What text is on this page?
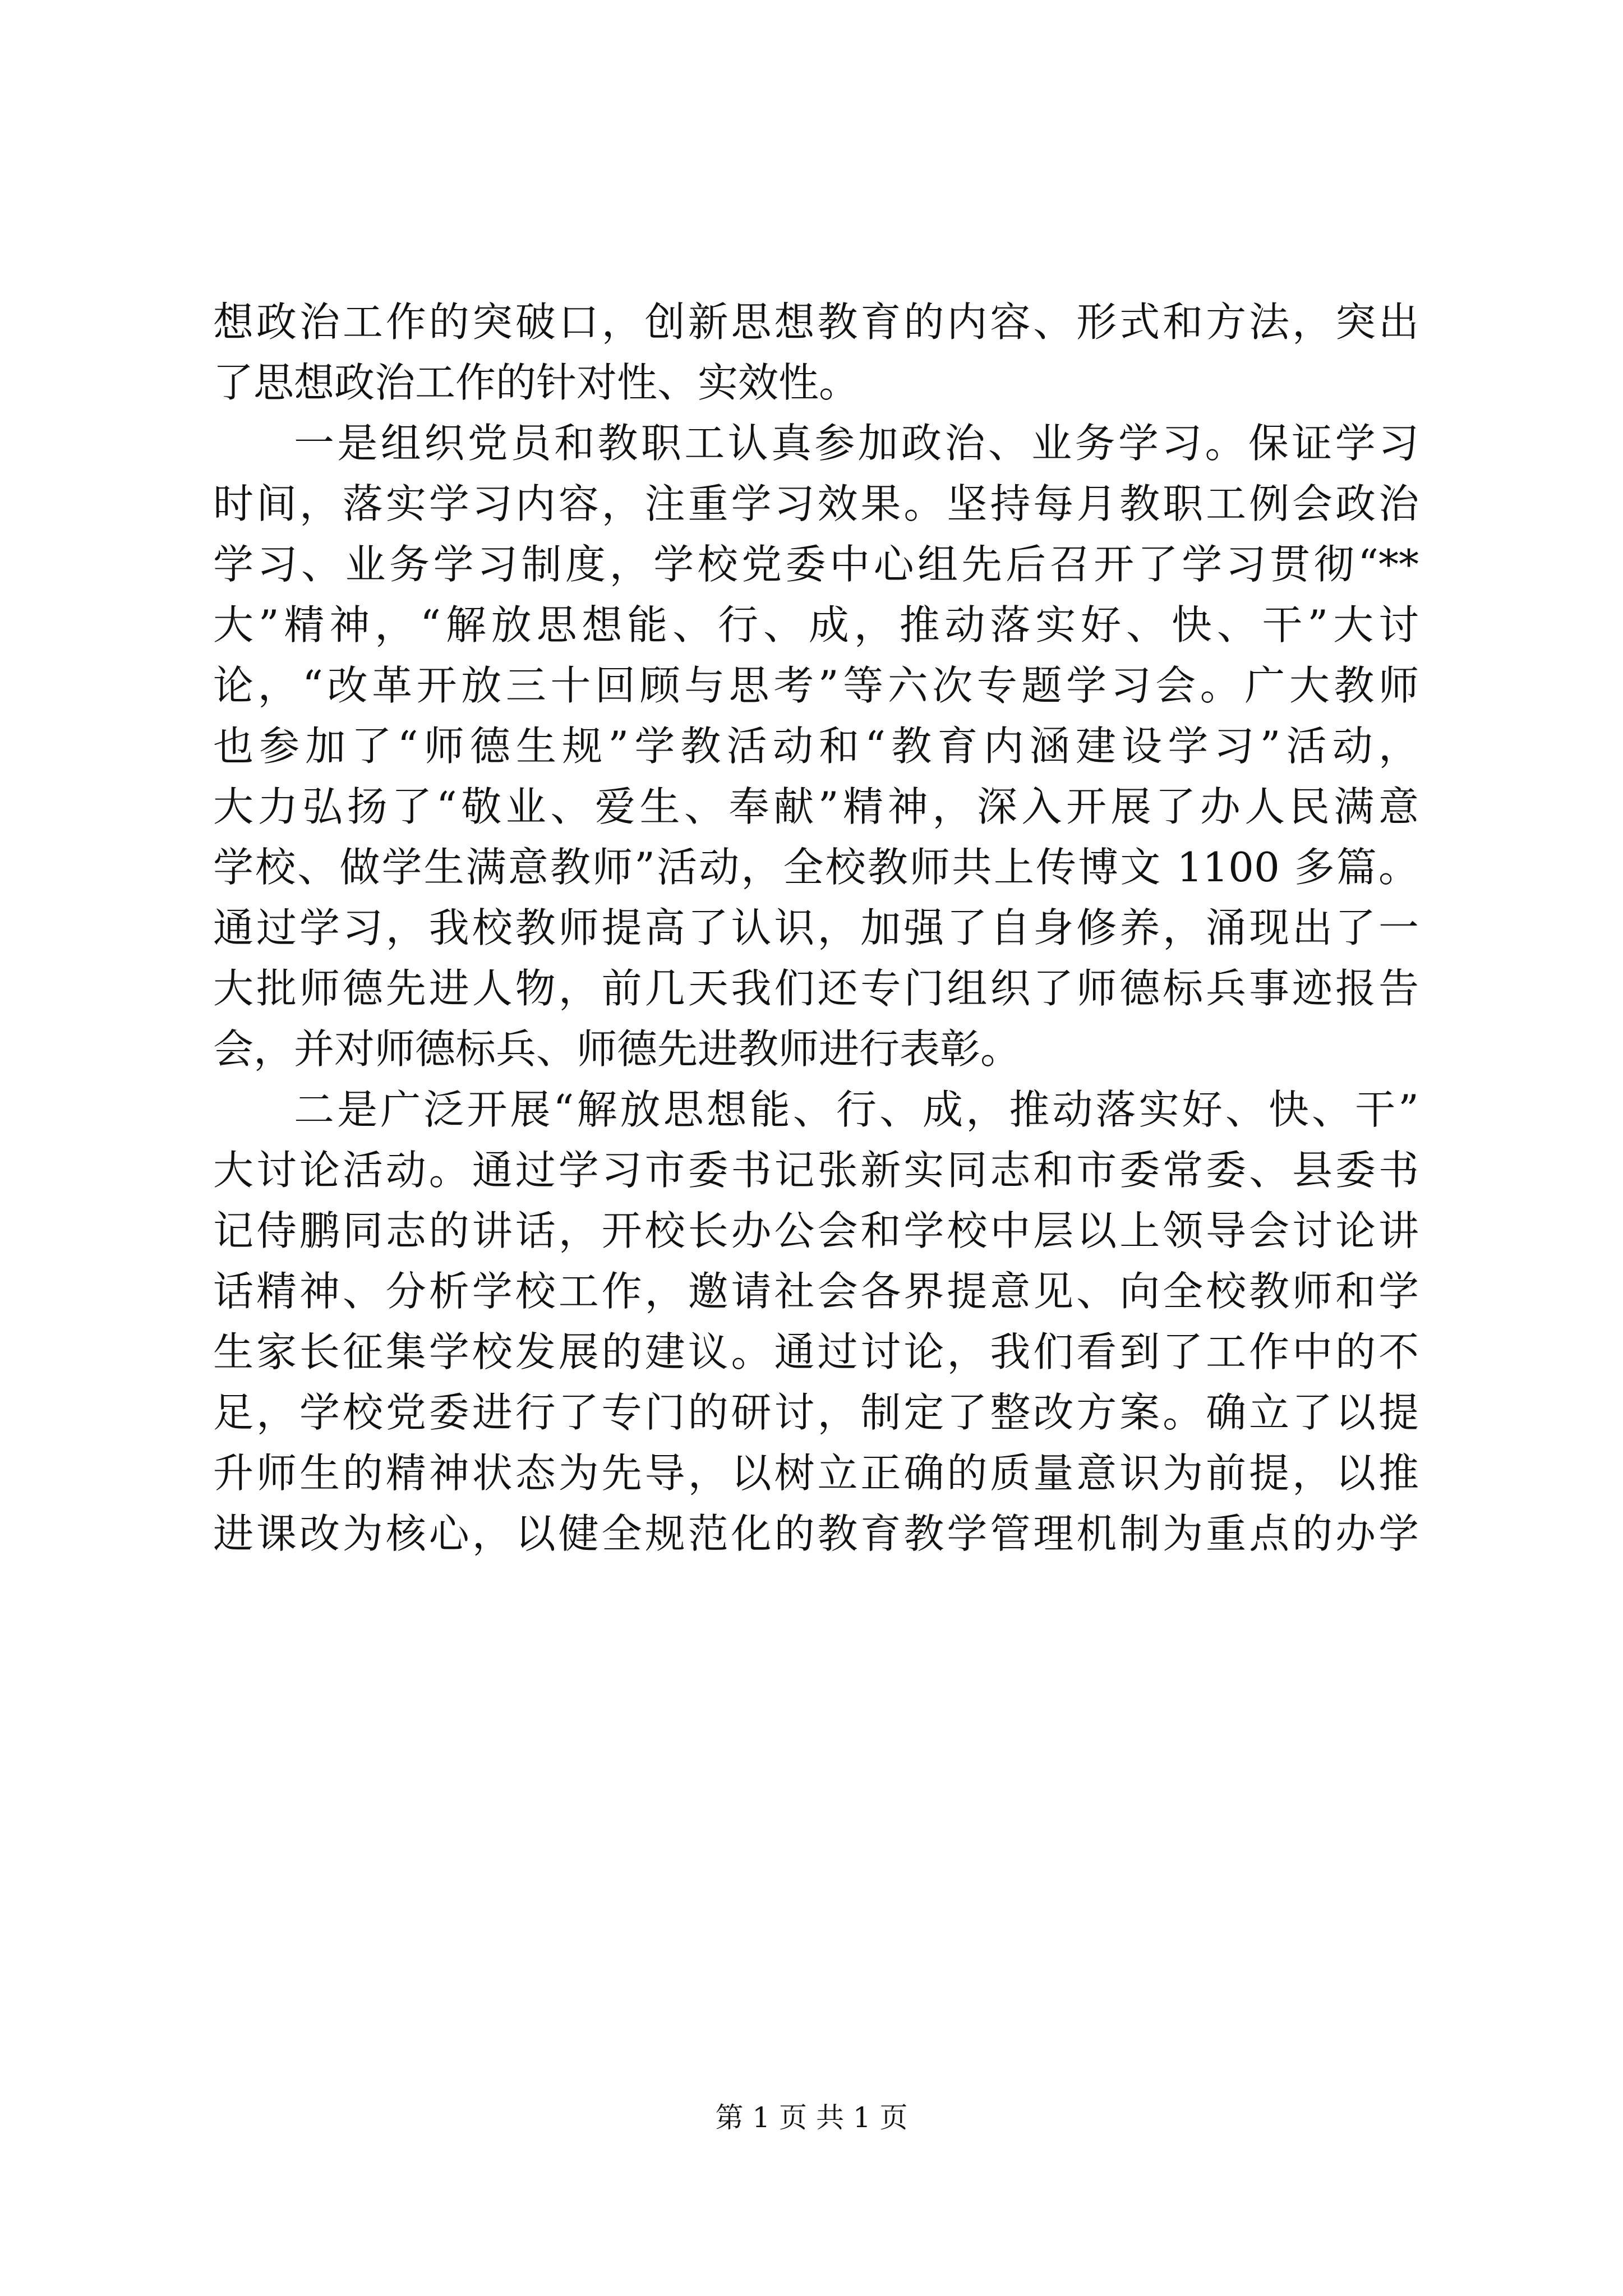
想政治工作的突破口，创新思想教育的内容、形式和方法，突出
了思想政治工作的针对性、实效性。
一是组织党员和教职工认真参加政治、业务学习。保证学习
时间，落实学习内容，注重学习效果。坚持每月教职工例会政治
学习、业务学习制度，学校党委中心组先后召开了学习贯彻“**
大”精神，“解放思想能、行、成，推动落实好、快、干”大讨
论，“改革开放三十回顾与思考”等六次专题学习会。广大教师
也参加了“师德生规”学教活动和“教育内涵建设学习”活动，
大力弘扬了“敬业、爱生、奉献”精神，深入开展了办人民满意
学校、做学生满意教师”活动，全校教师共上传博文 1100 多篇。
通过学习，我校教师提高了认识，加强了自身修养，涌现出了一
大批师德先进人物，前几天我们还专门组织了师德标兵事迹报告
会，并对师德标兵、师德先进教师进行表彰。
二是广泛开展“解放思想能、行、成，推动落实好、快、干”
大讨论活动。通过学习市委书记张新实同志和市委常委、县委书
记侍鹏同志的讲话，开校长办公会和学校中层以上领导会讨论讲
话精神、分析学校工作，邀请社会各界提意见、向全校教师和学
生家长征集学校发展的建议。通过讨论，我们看到了工作中的不
足，学校党委进行了专门的研讨，制定了整改方案。确立了以提
升师生的精神状态为先导，以树立正确的质量意识为前提，以推
进课改为核心，以健全规范化的教育教学管理机制为重点的办学
第 1 页 共 1 页
